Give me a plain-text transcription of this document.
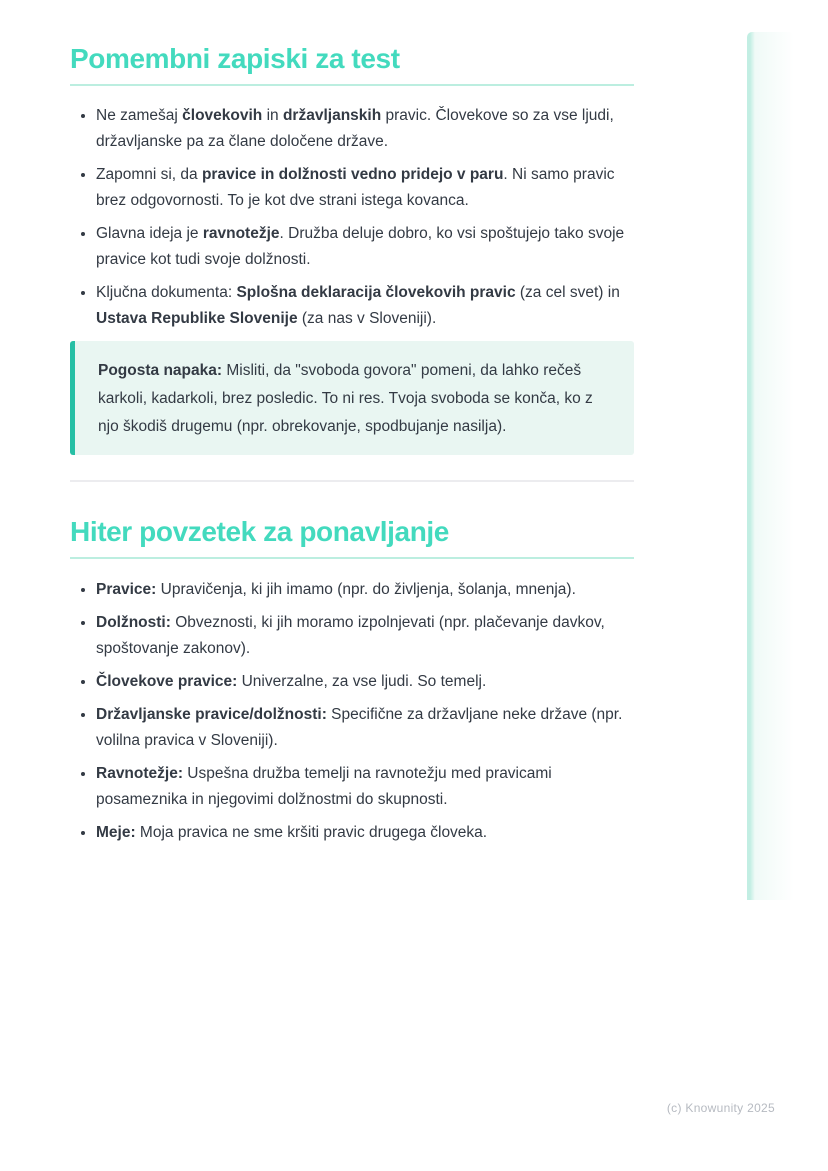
Pomembni zapiski za test
• Ne zamešaj človekovih in državljanskih pravic. Človekove so za vse ljudi, državljanske pa za člane določene države.
• Zapomni si, da pravice in dolžnosti vedno pridejo v paru. Ni samo pravic brez odgovornosti. To je kot dve strani istega kovanca.
• Glavna ideja je ravnotežje. Družba deluje dobro, ko vsi spoštujejo tako svoje pravice kot tudi svoje dolžnosti.
• Ključna dokumenta: Splošna deklaracija človekovih pravic (za cel svet) in Ustava Republike Slovenije (za nas v Sloveniji).

Pogosta napaka: Misliti, da "svoboda govora" pomeni, da lahko rečeš karkoli, kadarkoli, brez posledic. To ni res. Tvoja svoboda se konča, ko z njo škodiš drugemu (npr. obrekovanje, spodbujanje nasilja).

Hiter povzetek za ponavljanje
• Pravice: Upravičenja, ki jih imamo (npr. do življenja, šolanja, mnenja).
• Dolžnosti: Obveznosti, ki jih moramo izpolnjevati (npr. plačevanje davkov, spoštovanje zakonov).
• Človekove pravice: Univerzalne, za vse ljudi. So temelj.
• Državljanske pravice/dolžnosti: Specifične za državljane neke države (npr. volilna pravica v Sloveniji).
• Ravnotežje: Uspešna družba temelji na ravnotežju med pravicami posameznika in njegovimi dolžnostmi do skupnosti.
• Meje: Moja pravica ne sme kršiti pravic drugega človeka.
(c) Knowunity 2025
